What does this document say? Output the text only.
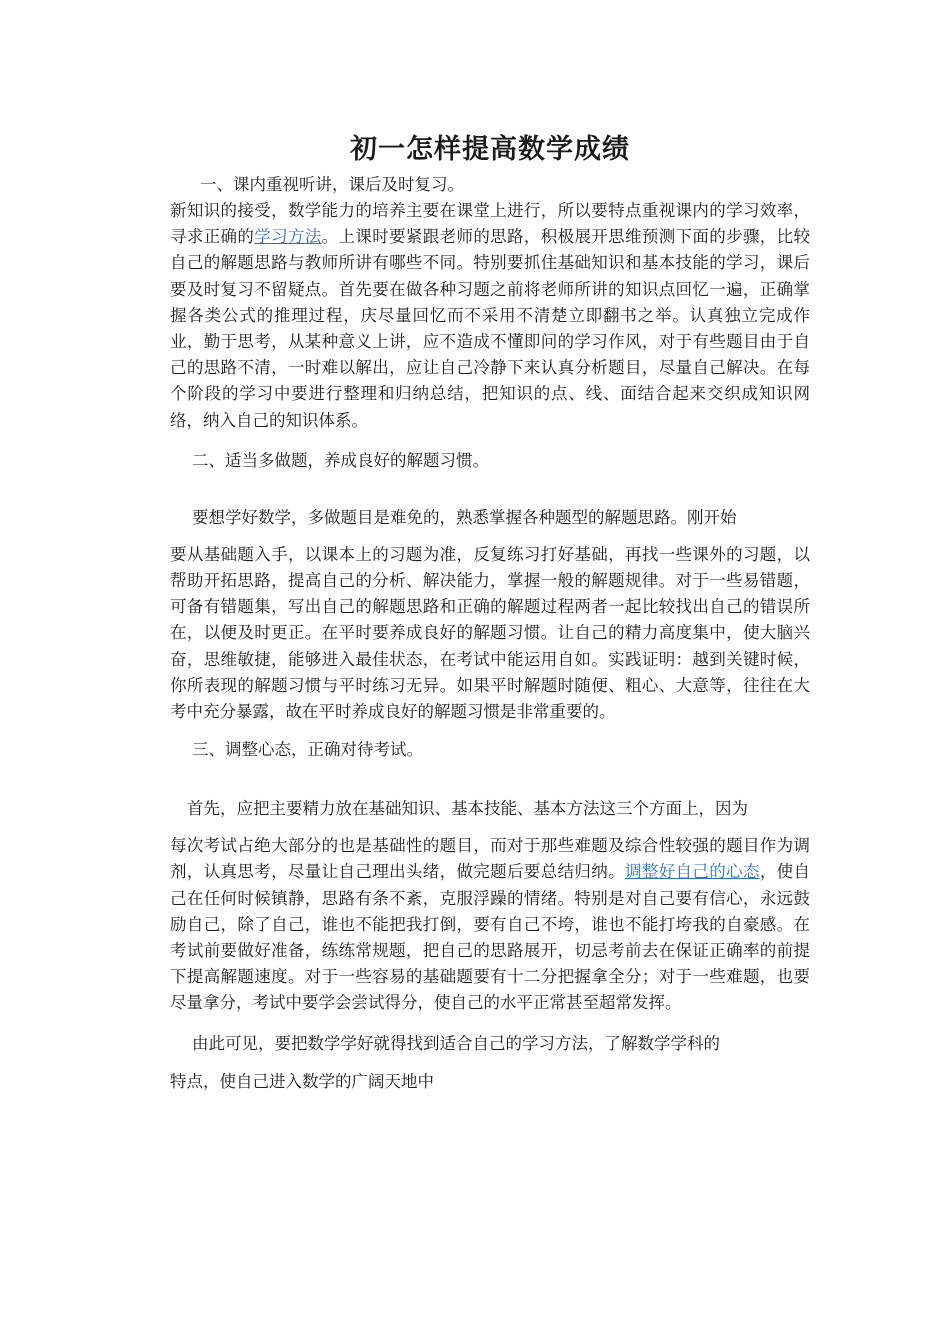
初一怎样提高数学成绩

一、课内重视听讲，课后及时复习。

新知识的接受，数学能力的培养主要在课堂上进行，所以要特点重视课内的学习效率，寻求正确的学习方法。上课时要紧跟老师的思路，积极展开思维预测下面的步骤，比较自己的解题思路与教师所讲有哪些不同。特别要抓住基础知识和基本技能的学习，课后要及时复习不留疑点。首先要在做各种习题之前将老师所讲的知识点回忆一遍，正确掌握各类公式的推理过程，庆尽量回忆而不采用不清楚立即翻书之举。认真独立完成作业，勤于思考，从某种意义上讲，应不造成不懂即问的学习作风，对于有些题目由于自己的思路不清，一时难以解出，应让自己冷静下来认真分析题目，尽量自己解决。在每个阶段的学习中要进行整理和归纳总结，把知识的点、线、面结合起来交织成知识网络，纳入自己的知识体系。

二、适当多做题，养成良好的解题习惯。

要想学好数学，多做题目是难免的，熟悉掌握各种题型的解题思路。刚开始

要从基础题入手，以课本上的习题为准，反复练习打好基础，再找一些课外的习题，以帮助开拓思路，提高自己的分析、解决能力，掌握一般的解题规律。对于一些易错题，可备有错题集，写出自己的解题思路和正确的解题过程两者一起比较找出自己的错误所在，以便及时更正。在平时要养成良好的解题习惯。让自己的精力高度集中，使大脑兴奋，思维敏捷，能够进入最佳状态，在考试中能运用自如。实践证明：越到关键时候，你所表现的解题习惯与平时练习无异。如果平时解题时随便、粗心、大意等，往往在大考中充分暴露，故在平时养成良好的解题习惯是非常重要的。

三、调整心态，正确对待考试。

首先，应把主要精力放在基础知识、基本技能、基本方法这三个方面上，因为

每次考试占绝大部分的也是基础性的题目，而对于那些难题及综合性较强的题目作为调剂，认真思考，尽量让自己理出头绪，做完题后要总结归纳。调整好自己的心态，使自己在任何时候镇静，思路有条不紊，克服浮躁的情绪。特别是对自己要有信心，永远鼓励自己，除了自己，谁也不能把我打倒，要有自己不垮，谁也不能打垮我的自豪感。在考试前要做好准备，练练常规题，把自己的思路展开，切忌考前去在保证正确率的前提下提高解题速度。对于一些容易的基础题要有十二分把握拿全分；对于一些难题，也要尽量拿分，考试中要学会尝试得分，使自己的水平正常甚至超常发挥。

由此可见，要把数学学好就得找到适合自己的学习方法，了解数学学科的

特点，使自己进入数学的广阔天地中
